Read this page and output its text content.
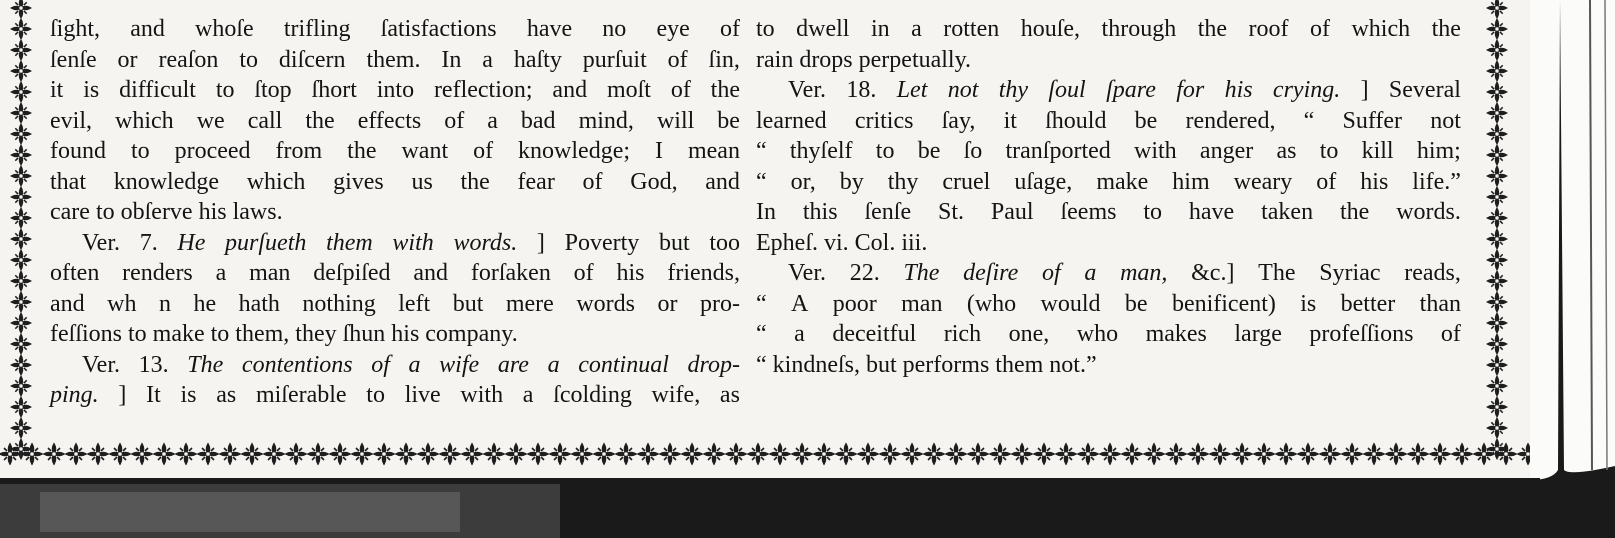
ſight, and whoſe trifling ſatisfactions have no eye of
ſenſe or reaſon to diſcern them. In a haſty purſuit of ſin,
it is difficult to ſtop ſhort into reflection; and moſt of the
evil, which we call the effects of a bad mind, will be
found to proceed from the want of knowledge; I mean
that knowledge which gives us the fear of God, and
care to obſerve his laws.
Ver. 7. He purſueth them with words. ] Poverty but too
often renders a man deſpiſed and forſaken of his friends,
and wh n he hath nothing left but mere words or pro-
feſſions to make to them, they ſhun his company.
Ver. 13. The contentions of a wife are a continual drop-
ping. ] It is as miſerable to live with a ſcolding wife, as
to dwell in a rotten houſe, through the roof of which the
rain drops perpetually.
Ver. 18. Let not thy ſoul ſpare for his crying. ] Several
learned critics ſay, it ſhould be rendered, “ Suffer not
“ thyſelf to be ſo tranſported with anger as to kill him;
“ or, by thy cruel uſage, make him weary of his life.”
In this ſenſe St. Paul ſeems to have taken the words.
Epheſ. vi. Col. iii.
Ver. 22. The deſire of a man, &c.] The Syriac reads,
“ A poor man (who would be benificent) is better than
“ a deceitful rich one, who makes large profeſſions of
“ kindneſs, but performs them not.”
